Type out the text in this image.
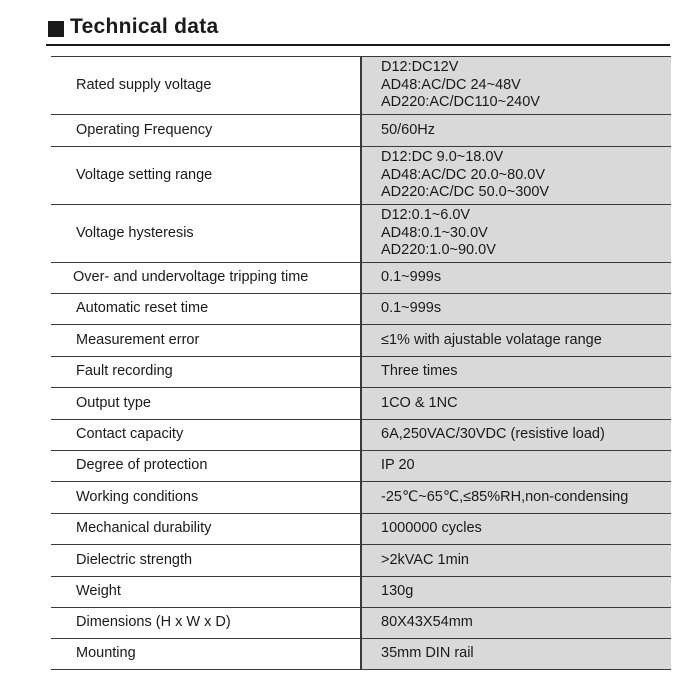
Technical data
Rated supply voltage	D12:DC12V
AD48:AC/DC 24~48V
AD220:AC/DC110~240V

Operating Frequency	50/60Hz

Voltage setting range	D12:DC 9.0~18.0V
AD48:AC/DC 20.0~80.0V
AD220:AC/DC 50.0~300V

Voltage hysteresis	D12:0.1~6.0V
AD48:0.1~30.0V
AD220:1.0~90.0V

Over- and undervoltage tripping time	0.1~999s

Automatic reset time	0.1~999s

Measurement error	≤1% with ajustable volatage range

Fault recording	Three times

Output type	1CO & 1NC

Contact capacity	6A,250VAC/30VDC (resistive load)

Degree of protection	IP 20

Working conditions	-25℃~65℃,≤85%RH,non-condensing

Mechanical durability	1000000 cycles

Dielectric strength	>2kVAC 1min

Weight	130g

Dimensions (H x W x D)	80X43X54mm

Mounting	35mm DIN rail
